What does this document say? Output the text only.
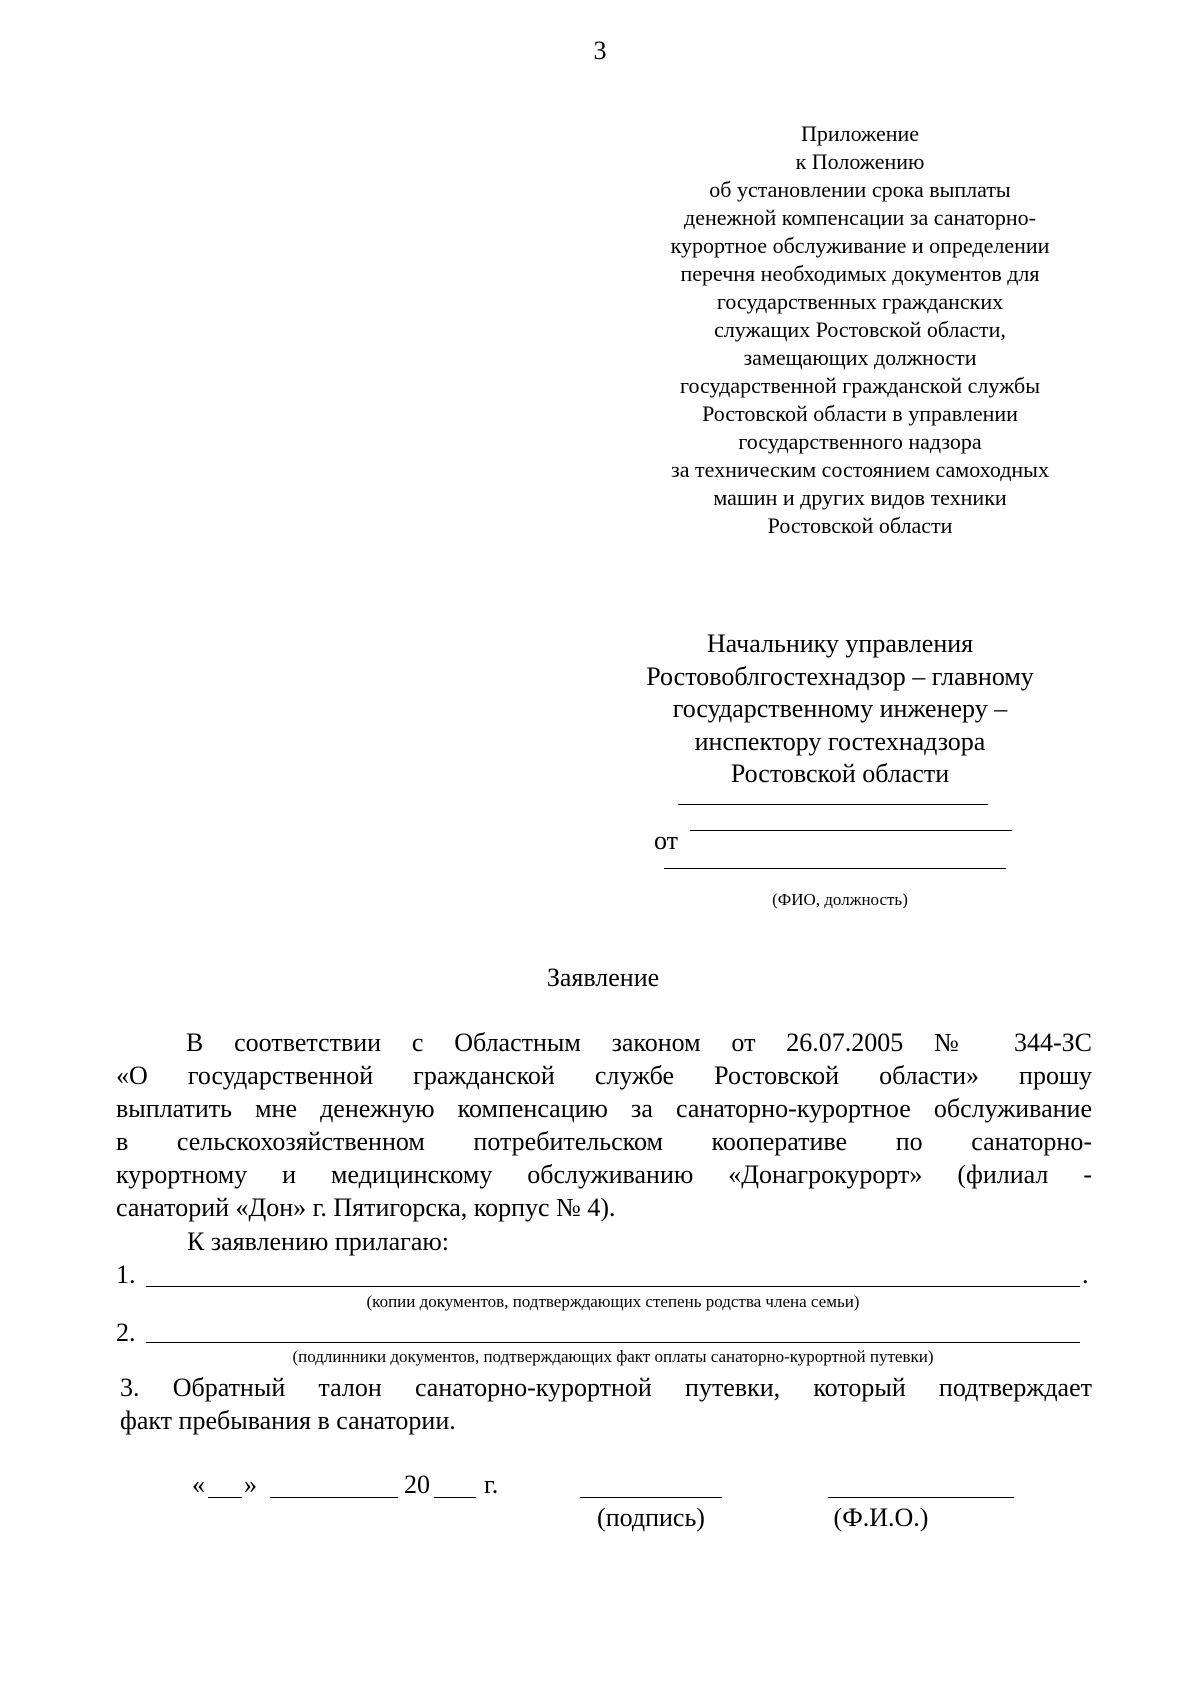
3
Приложение
к Положению
об установлении срока выплаты
денежной компенсации за санаторно-
курортное обслуживание и определении
перечня необходимых документов для
государственных гражданских
служащих Ростовской области,
замещающих должности
государственной гражданской службы
Ростовской области в управлении
государственного надзора
за техническим состоянием самоходных
машин и других видов техники
Ростовской области
Начальнику управления
Ростовоблгостехнадзор – главному
государственному инженеру –
инспектору гостехнадзора
Ростовской области
от
(ФИО, должность)
Заявление
В соответствии с Областным законом от 26.07.2005 № 344-ЗС
«О государственной гражданской службе Ростовской области» прошу
выплатить мне денежную компенсацию за санаторно-курортное обслуживание
в сельскохозяйственном потребительском кооперативе по санаторно-
курортному и медицинскому обслуживанию «Донагрокурорт» (филиал -
санаторий «Дон» г. Пятигорска, корпус № 4).
К заявлению прилагаю:
1.	.
(копии документов, подтверждающих степень родства члена семьи)
2.
(подлинники документов, подтверждающих факт оплаты санаторно-курортной путевки)
3. Обратный талон санаторно-курортной путевки, который подтверждает
факт пребывания в санатории.
« »	20 г.
(подпись)	(Ф.И.О.)
